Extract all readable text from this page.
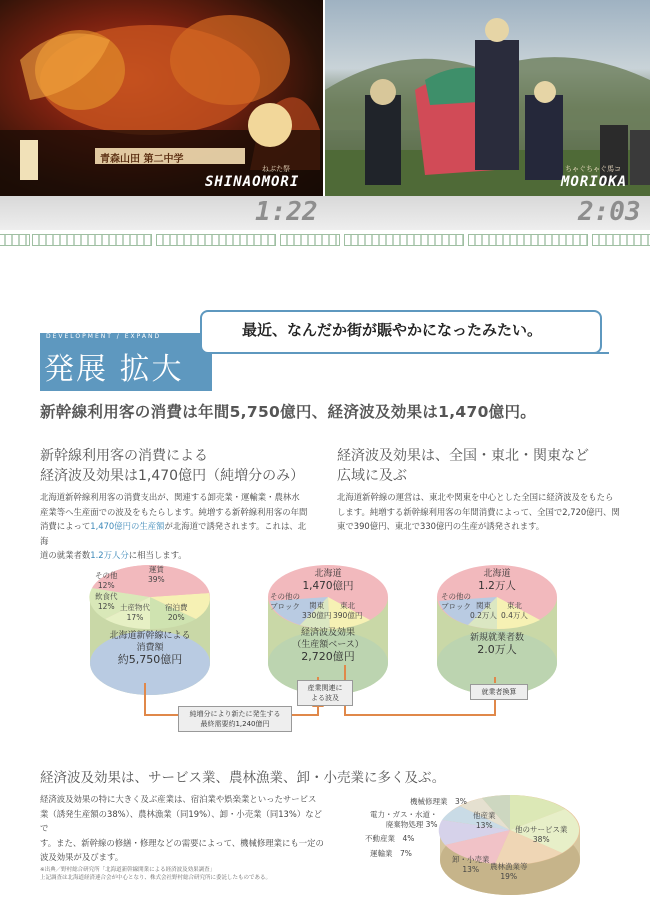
青森山田 第二中学
ねぶた祭
SHINAOMORI
ちゃぐちゃぐ馬コ
MORIOKA
1:22	2:03
DEVELOPMENT / EXPAND
発展 拡大
最近、なんだか街が賑やかになったみたい。
新幹線利用客の消費は年間5,750億円、経済波及効果は1,470億円。
新幹線利用客の消費による
経済波及効果は1,470億円（純増分のみ）
北海道新幹線利用客の消費支出が、関連する卸売業・運輸業・農林水
産業等へ生産面での波及をもたらします。純増する新幹線利用客の年間
消費によって1,470億円の生産額が北海道で誘発されます。これは、北海
道の就業者数1.2万人分に相当します。
経済波及効果は、全国・東北・関東など
広域に及ぶ
北海道新幹線の運営は、東北や関東を中心とした全国に経済波及をもたら
します。純増する新幹線利用客の年間消費によって、全国で2,720億円、関
東で390億円、東北で330億円の生産が誘発されます。
その他
12%
飲食代
12% 土産物代
17%
運賃
39%
宿泊費
20%
北海道新幹線による
消費額
約5,750億円
北海道
1,470億円
その他の
ブロック	関東
330億円
東北
390億円
経済波及効果
（生産額ベース）
2,720億円
北海道
1.2万人
その他の
ブロック 関東
0.2万人
東北
0.4万人
新規就業者数
2.0万人
産業関連に
よる波及
就業者換算
純増分により新たに発生する
最終需要約1,240億円
経済波及効果は、サービス業、農林漁業、卸・小売業に多く及ぶ。
経済波及効果の特に大きく及ぶ産業は、宿泊業や娯楽業といったサービス
業（誘発生産額の38%）、農林漁業（同19%）、卸・小売業（同13%）などで
す。また、新幹線の修繕・修理などの需要によって、機械修理業にも一定の
波及効果が及びます。
※出典／野村総合研究所「北海道新幹線開業による経済波及効果調査」
上記調査は北海道経済連合会が中心となり、株式会社野村総合研究所に委託したものである。
機械修理業　 3%
電力・ガス・水道・
廃棄物処理 3%
不動産業　 4%
運輸業　 7%
卸・小売業
13%	農林漁業等
19%
他のサービス業
38%
他産業
13%
